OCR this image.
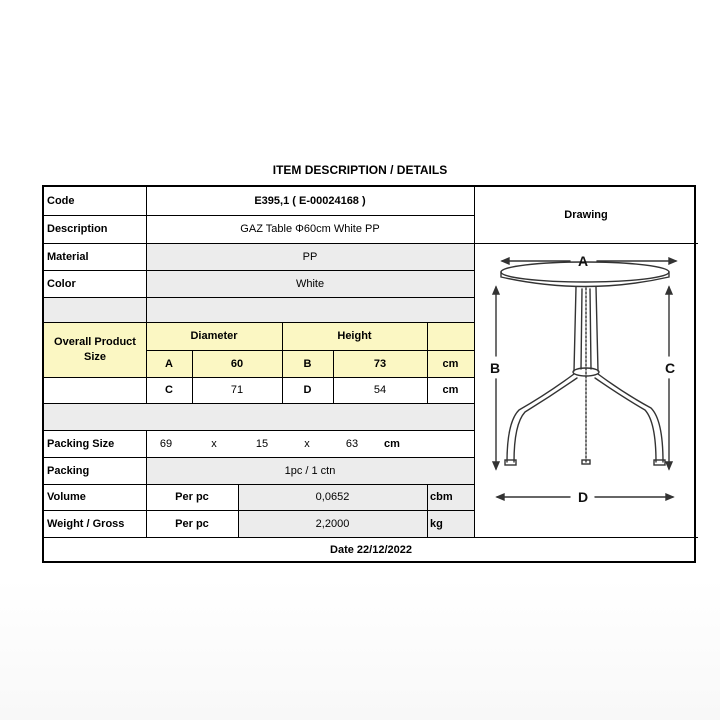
ITEM DESCRIPTION / DETAILS
Code	E395,1 ( E-00024168 )
Description	GAZ Table Φ60cm White PP
Material	PP
Color	White
Overall Product Size
Diameter	Height
A	60	B	73	cm
C	71	D	54	cm
Packing Size	69	x	15	x	63	cm
Packing	1pc / 1 ctn
Volume	Per pc	0,0652	cbm
Weight / Gross	Per pc	2,2000	kg
Date 22/12/2022
Drawing
A
B	C
D
